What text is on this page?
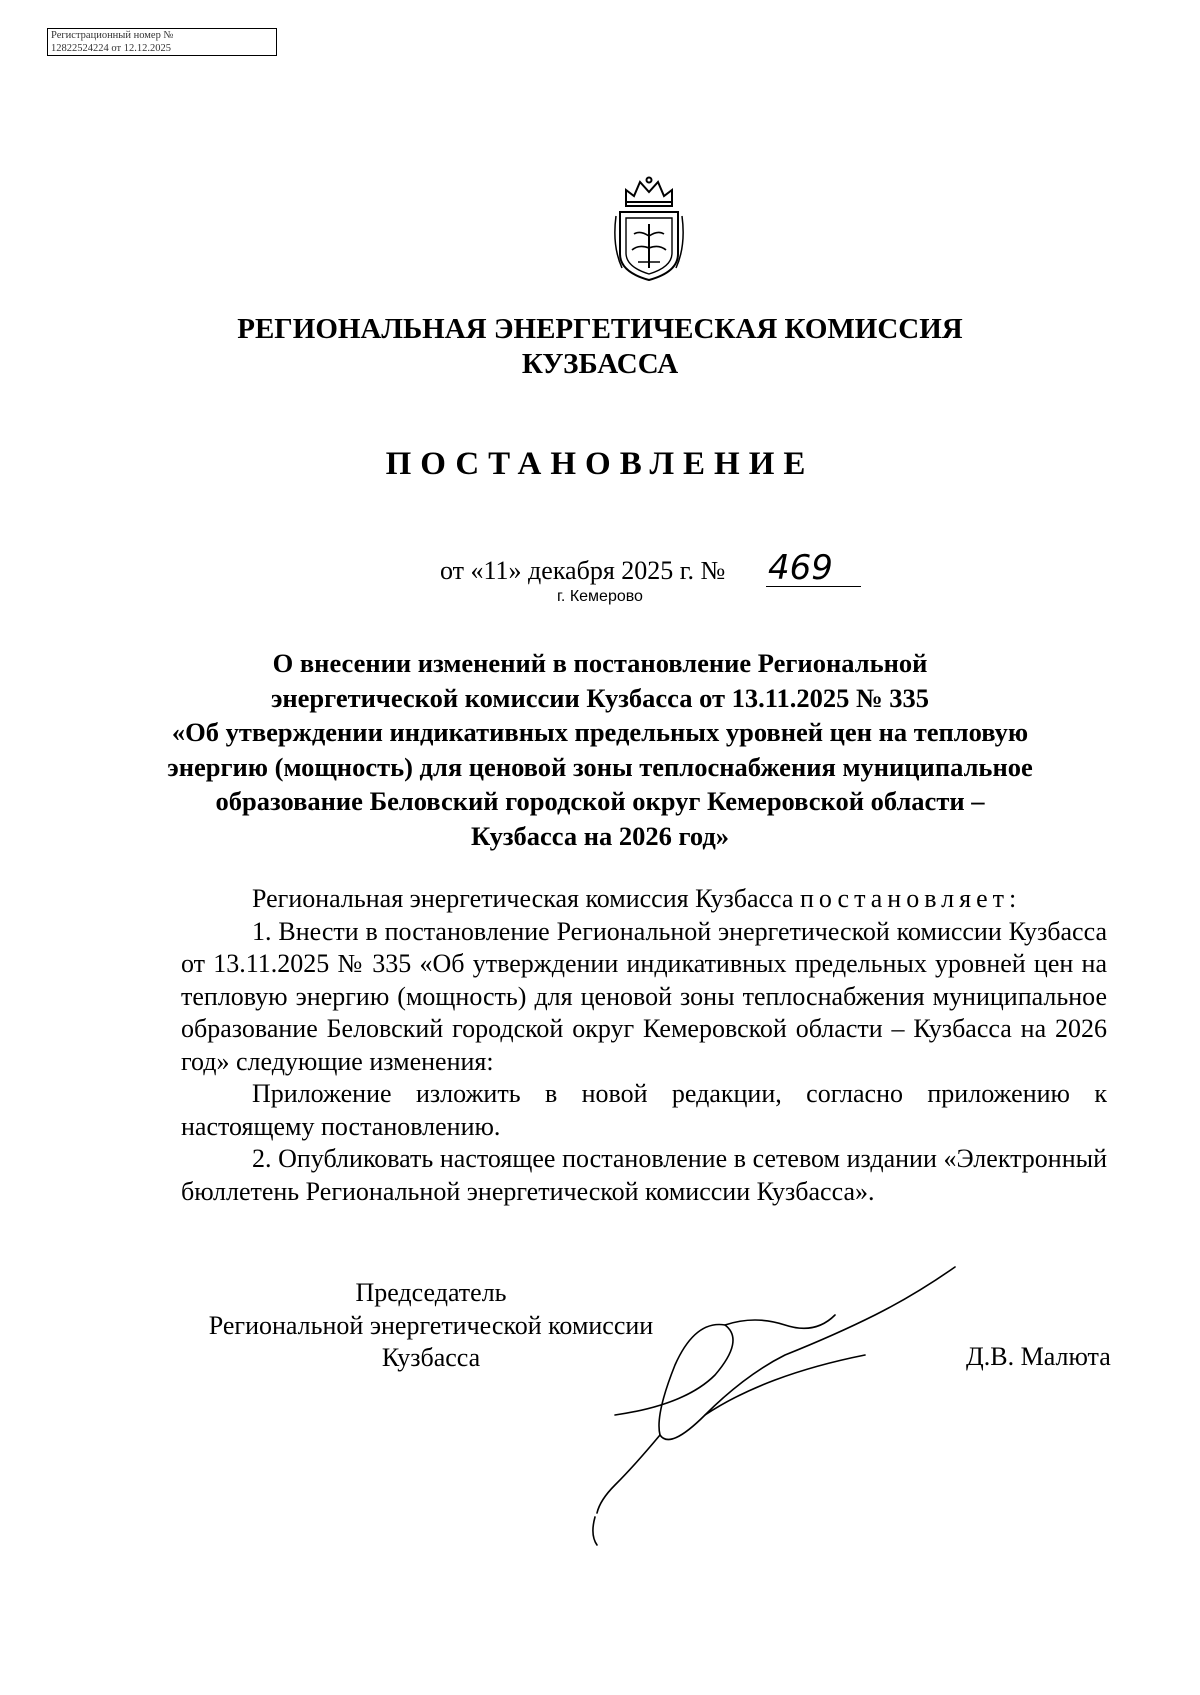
Регистрационный номер №
12822524224 от 12.12.2025
РЕГИОНАЛЬНАЯ ЭНЕРГЕТИЧЕСКАЯ КОМИССИЯ
КУЗБАССА
ПОСТАНОВЛЕНИЕ
от «11» декабря 2025 г. № 469
г. Кемерово
О внесении изменений в постановление Региональной
энергетической комиссии Кузбасса от 13.11.2025 № 335
«Об утверждении индикативных предельных уровней цен на тепловую
энергию (мощность) для ценовой зоны теплоснабжения муниципальное
образование Беловский городской округ Кемеровской области –
Кузбасса на 2026 год»

Региональная энергетическая комиссия Кузбасса постановляет:

1. Внести в постановление Региональной энергетической комиссии Кузбасса от 13.11.2025 № 335 «Об утверждении индикативных предельных уровней цен на тепловую энергию (мощность) для ценовой зоны теплоснабжения муниципальное образование Беловский городской округ Кемеровской области – Кузбасса на 2026 год» следующие изменения:

Приложение изложить в новой редакции, согласно приложению к настоящему постановлению.

2. Опубликовать настоящее постановление в сетевом издании «Электронный бюллетень Региональной энергетической комиссии Кузбасса».

Председатель
Региональной энергетической комиссии
Кузбасса	Д.В. Малюта
